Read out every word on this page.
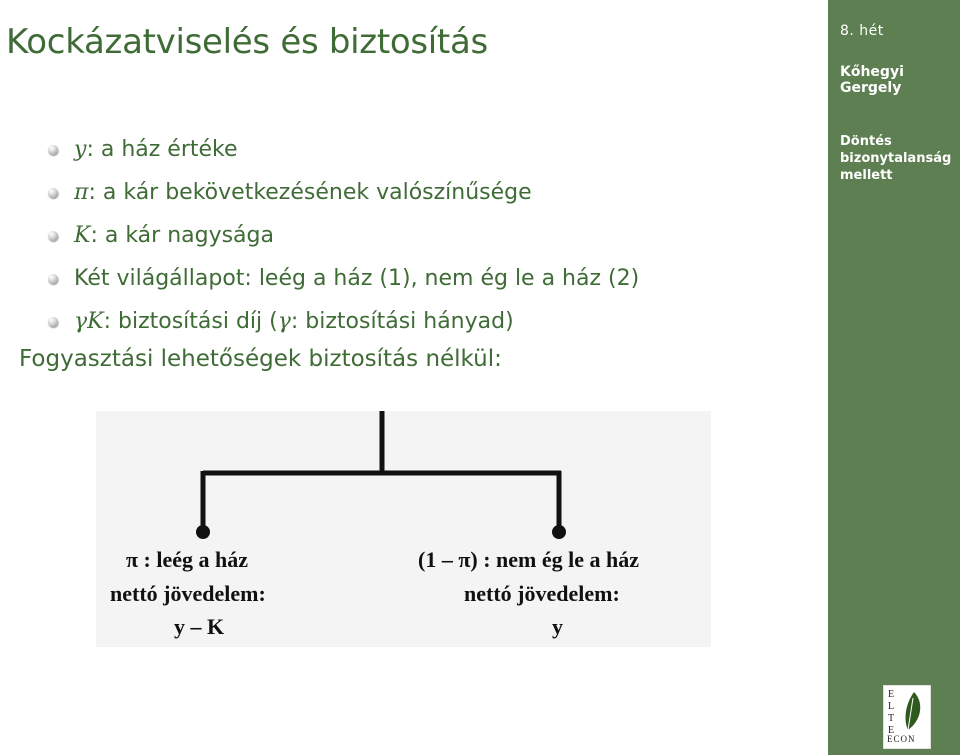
Kockázatviselés és biztosítás
y: a ház értéke
π: a kár bekövetkezésének valószínűsége
K: a kár nagysága
Két világállapot: leég a ház (1), nem ég le a ház (2)
γK: biztosítási díj (γ: biztosítási hányad)
Fogyasztási lehetőségek biztosítás nélkül:
π : leég a ház
nettó jövedelem:
y – K
(1 – π) : nem ég le a ház
nettó jövedelem:
y
8. hét
Kőhegyi Gergely
Döntés
bizonytalanság
mellett
E
L
T
E
ECON
